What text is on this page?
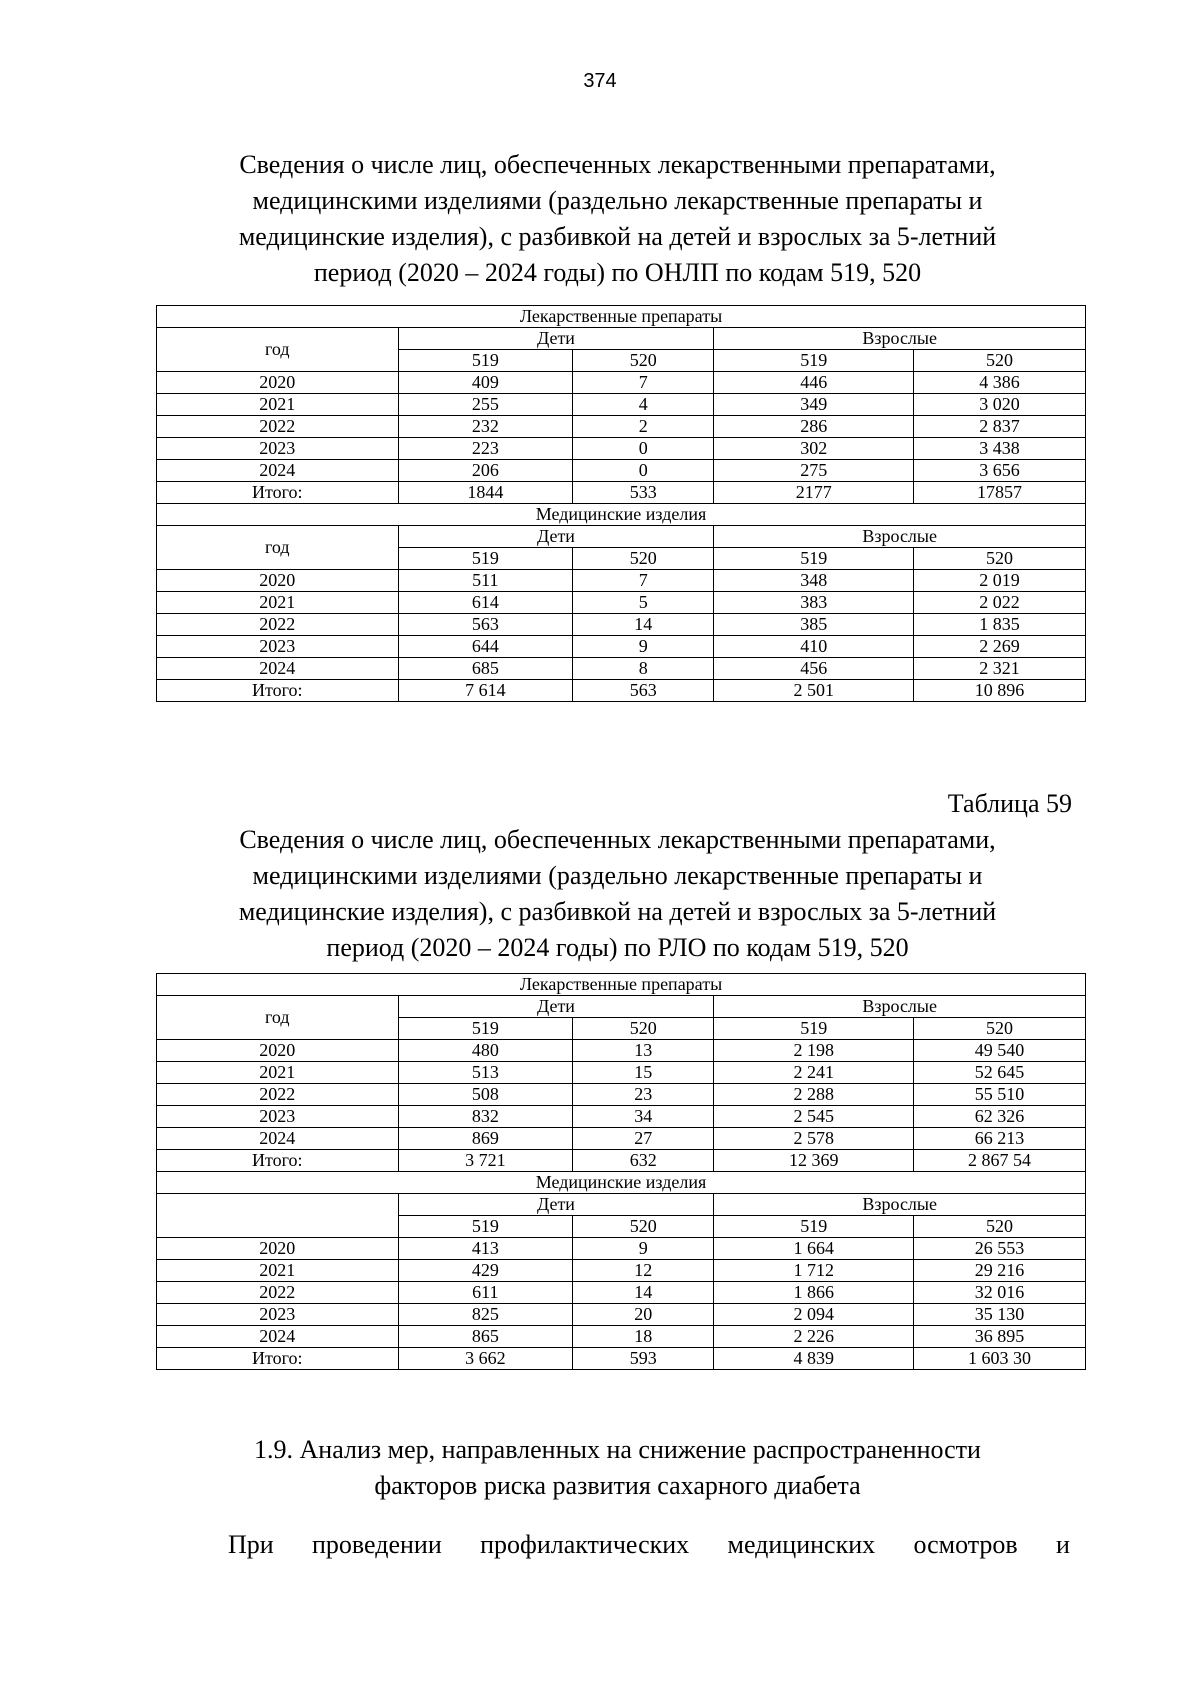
374
Сведения о числе лиц, обеспеченных лекарственными препаратами,
медицинскими изделиями (раздельно лекарственные препараты и
медицинские изделия), с разбивкой на детей и взрослых за 5-летний
период (2020 – 2024 годы) по ОНЛП по кодам 519, 520
Лекарственные препараты				
год	Дети		Взрослые	
	519	520	519	520
2020	409	7	446	4 386
2021	255	4	349	3 020
2022	232	2	286	2 837
2023	223	0	302	3 438
2024	206	0	275	3 656
Итого:	1844	533	2177	17857
Медицинские изделия				
год	Дети		Взрослые	
	519	520	519	520
2020	511	7	348	2 019
2021	614	5	383	2 022
2022	563	14	385	1 835
2023	644	9	410	2 269
2024	685	8	456	2 321
Итого:	7 614	563	2 501	10 896
Таблица 59
Сведения о числе лиц, обеспеченных лекарственными препаратами,
медицинскими изделиями (раздельно лекарственные препараты и
медицинские изделия), с разбивкой на детей и взрослых за 5-летний
период (2020 – 2024 годы) по РЛО по кодам 519, 520
Лекарственные препараты				
год	Дети		Взрослые	
	519	520	519	520
2020	480	13	2 198	49 540
2021	513	15	2 241	52 645
2022	508	23	2 288	55 510
2023	832	34	2 545	62 326
2024	869	27	2 578	66 213
Итого:	3 721	632	12 369	2 867 54
Медицинские изделия				
	Дети		Взрослые	
	519	520	519	520
2020	413	9	1 664	26 553
2021	429	12	1 712	29 216
2022	611	14	1 866	32 016
2023	825	20	2 094	35 130
2024	865	18	2 226	36 895
Итого:	3 662	593	4 839	1 603 30
1.9. Анализ мер, направленных на снижение распространенности
факторов риска развития сахарного диабета
При проведении профилактических медицинских осмотров и
